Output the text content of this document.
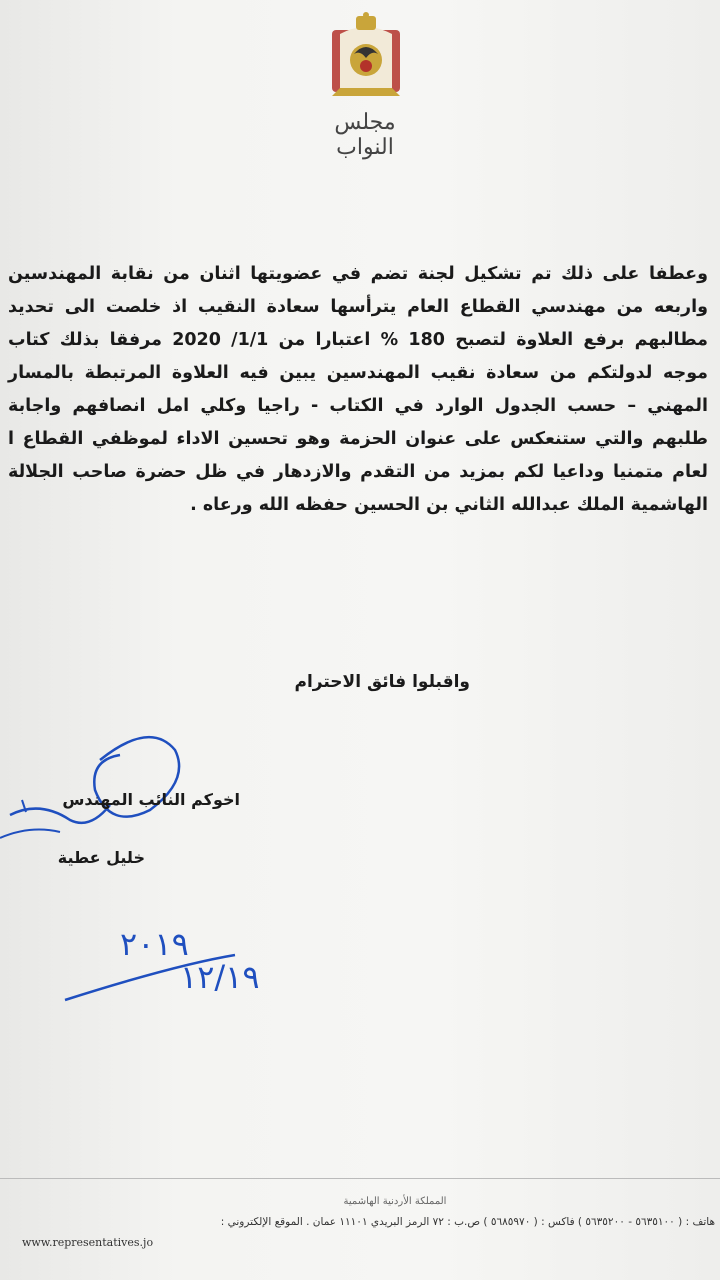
مجلس النواب
وعطفا على ذلك تم تشكيل لجنة تضم في عضويتها اثنان من نقابة المهندسين واربعه من مهندسي القطاع العام يترأسها سعادة النقيب اذ خلصت الى تحديد مطالبهم برفع العلاوة لتصبح 180 % اعتبارا من 1/1/ 2020 مرفقا بذلك كتاب موجه لدولتكم من سعادة نقيب المهندسين يبين فيه العلاوة المرتبطة بالمسار المهني – حسب الجدول الوارد في الكتاب - راجيا وكلي امل انصافهم واجابة طلبهم والتي ستنعكس على عنوان الحزمة وهو تحسين الاداء لموظفي القطاع ا لعام متمنيا وداعيا لكم بمزيد من التقدم والازدهار في ظل حضرة صاحب الجلالة الهاشمية الملك عبدالله الثاني بن الحسين حفظه الله ورعاه .
واقبلوا فائق الاحترام
اخوكم النائب المهندس
خليل عطية
٢٠١٩
١٢/١٩
المملكة الأردنية الهاشمية
هاتف : ( ٥٦٣٥١٠٠ - ٥٦٣٥٢٠٠ ) فاكس : ( ٥٦٨٥٩٧٠ ) ص.ب : ٧٢ الرمز البريدي ١١١٠١ عمان . الموقع الإلكتروني :
www.representatives.jo
